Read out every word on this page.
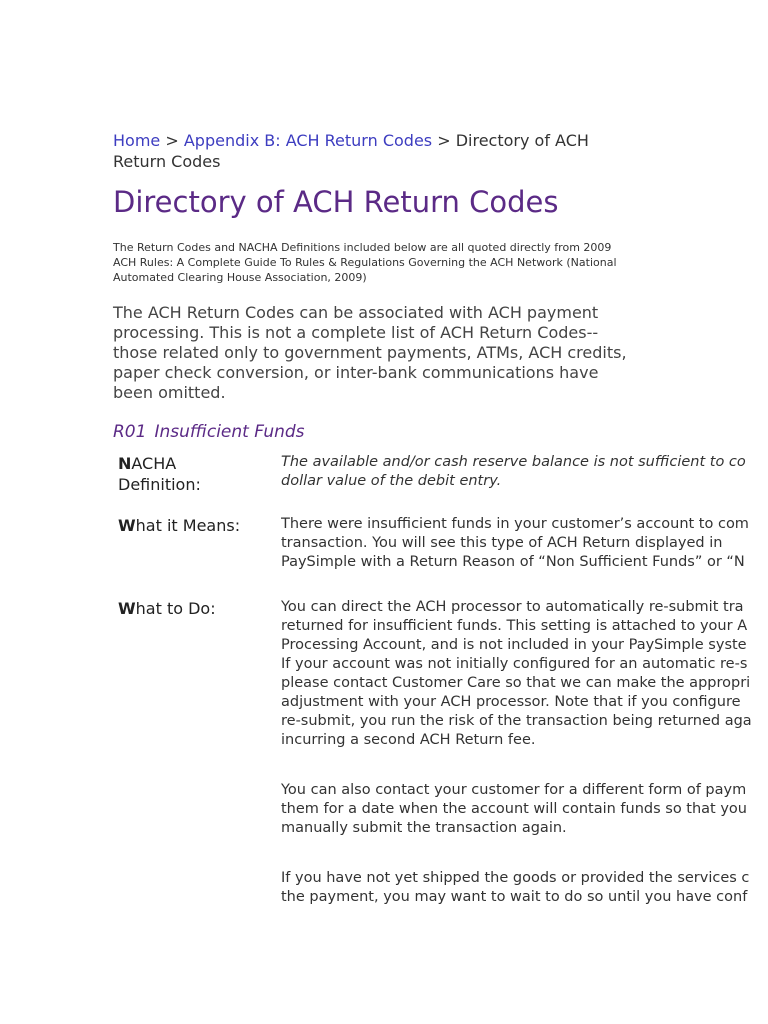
Home > Appendix B: ACH Return Codes > Directory of ACH
Return Codes
Directory of ACH Return Codes
The Return Codes and NACHA Definitions included below are all quoted directly from 2009
ACH Rules: A Complete Guide To Rules & Regulations Governing the ACH Network (National
Automated Clearing House Association, 2009)
The ACH Return Codes can be associated with ACH payment
processing. This is not a complete list of ACH Return Codes--
those related only to government payments, ATMs, ACH credits,
paper check conversion, or inter-bank communications have
been omitted.
R01 Insufficient Funds
NACHA
Definition:
The available and/or cash reserve balance is not sufficient to co
dollar value of the debit entry.
What it Means:	There were insufficient funds in your customer’s account to com
transaction. You will see this type of ACH Return displayed in
PaySimple with a Return Reason of “Non Sufficient Funds” or “N
What to Do:	You can direct the ACH processor to automatically re-submit tra
returned for insufficient funds. This setting is attached to your A
Processing Account, and is not included in your PaySimple syste
If your account was not initially configured for an automatic re-s
please contact Customer Care so that we can make the appropri
adjustment with your ACH processor. Note that if you configure
re-submit, you run the risk of the transaction being returned aga
incurring a second ACH Return fee.
You can also contact your customer for a different form of paym
them for a date when the account will contain funds so that you
manually submit the transaction again.
If you have not yet shipped the goods or provided the services c
the payment, you may want to wait to do so until you have conf
